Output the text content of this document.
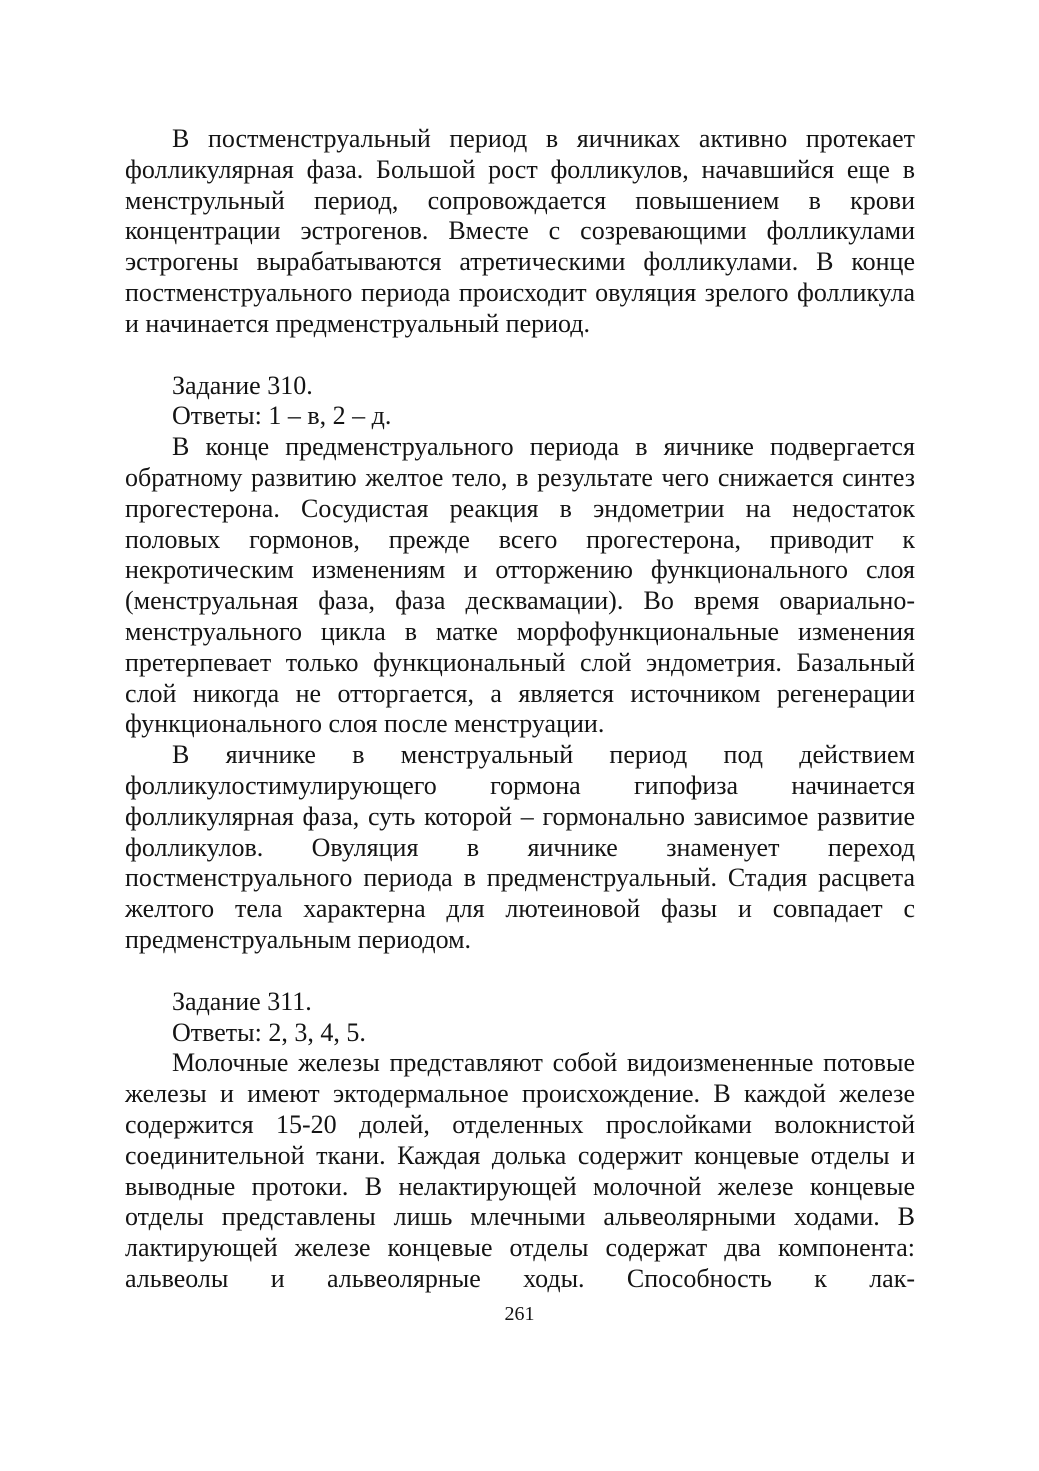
В постменструальный период в яичниках активно протекает фолликулярная фаза. Большой рост фолликулов, начавшийся еще в менструльный период, сопровождается повышением в крови концентрации эстрогенов. Вместе с созревающими фолликулами эстрогены вырабатываются атретическими фолликулами. В конце постменструального периода происходит овуляция зрелого фолликула и начинается предменструальный период.

Задание 310.

Ответы: 1 – в, 2 – д.

В конце предменструального периода в яичнике подвергается обратному развитию желтое тело, в результате чего снижается синтез прогестерона. Сосудистая реакция в эндометрии на недостаток половых гормонов, прежде всего прогестерона, приводит к некротическим изменениям и отторжению функционального слоя (менструальная фаза, фаза десквамации). Во время овариально-менструального цикла в матке морфофункциональные изменения претерпевает только функциональный слой эндометрия. Базальный слой никогда не отторгается, а является источником регенерации функционального слоя после менструации.

В яичнике в менструальный период под действием фолликулостимулирующего гормона гипофиза начинается фолликулярная фаза, суть которой – гормонально зависимое развитие фолликулов. Овуляция в яичнике знаменует переход постменструального периода в предменструальный. Стадия расцвета желтого тела характерна для лютеиновой фазы и совпадает с предменструальным периодом.

Задание 311.

Ответы: 2, 3, 4, 5.

Молочные железы представляют собой видоизмененные потовые железы и имеют эктодермальное происхождение. В каждой железе содержится 15-20 долей, отделенных прослойками волокнистой соединительной ткани. Каждая долька содержит концевые отделы и выводные протоки. В нелактирующей молочной железе концевые отделы представлены лишь млечными альвеолярными ходами. В лактирующей железе концевые отделы содержат два компонента: альвеолы и альвеолярные ходы. Способность к лак-

261
